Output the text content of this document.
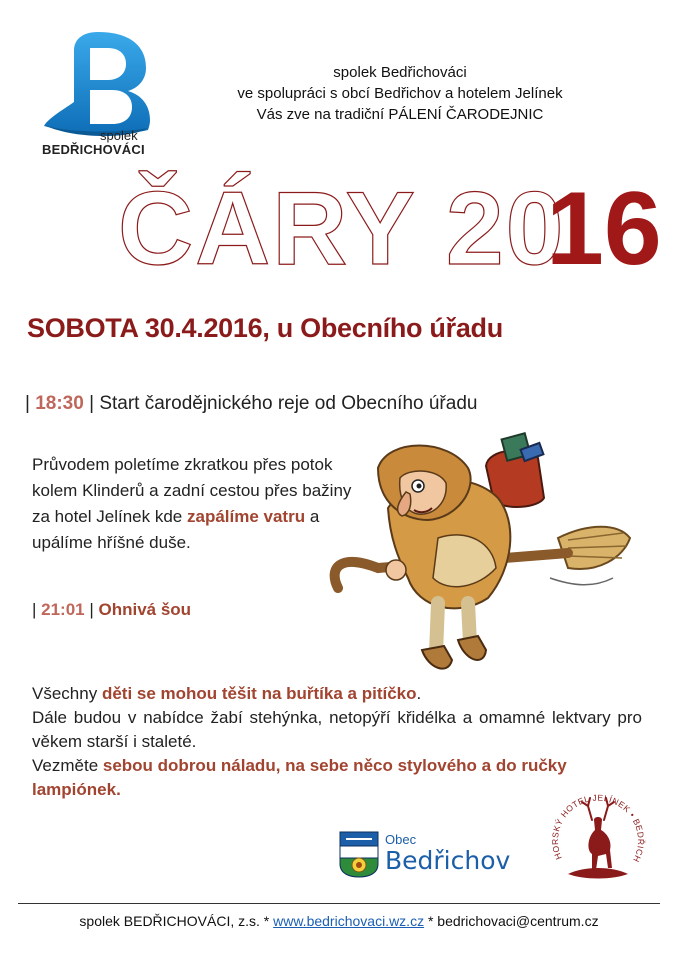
spolek
BEDŘICHOVÁCI
spolek Bedřichováci
ve spolupráci s obcí Bedřichov a hotelem Jelínek
Vás zve na tradiční PÁLENÍ ČARODEJNIC
ČÁRY 20
16
SOBOTA 30.4.2016, u Obecního úřadu
| 18:30 | Start čarodějnického reje od Obecního úřadu
Průvodem poletíme zkratkou přes potok kolem Klinderů a zadní cestou přes bažiny za hotel Jelínek kde zapálíme vatru a upálíme hříšné duše.
| 21:01 | Ohnivá šou

Všechny děti se mohou těšit na buřtíka a pitíčko.

Dále budou v nabídce žabí stehýnka, netopýří křidélka a omamné lektvary pro věkem starší i staleté.

Vezměte sebou dobrou náladu, na sebe něco stylového a do ručky lampiónek.

Obec
Bedřichov	HORSKÝ HOTEL JELÍNEK • BEDŘICH
spolek BEDŘICHOVÁCI, z.s. * www.bedrichovaci.wz.cz * bedrichovaci@centrum.cz
